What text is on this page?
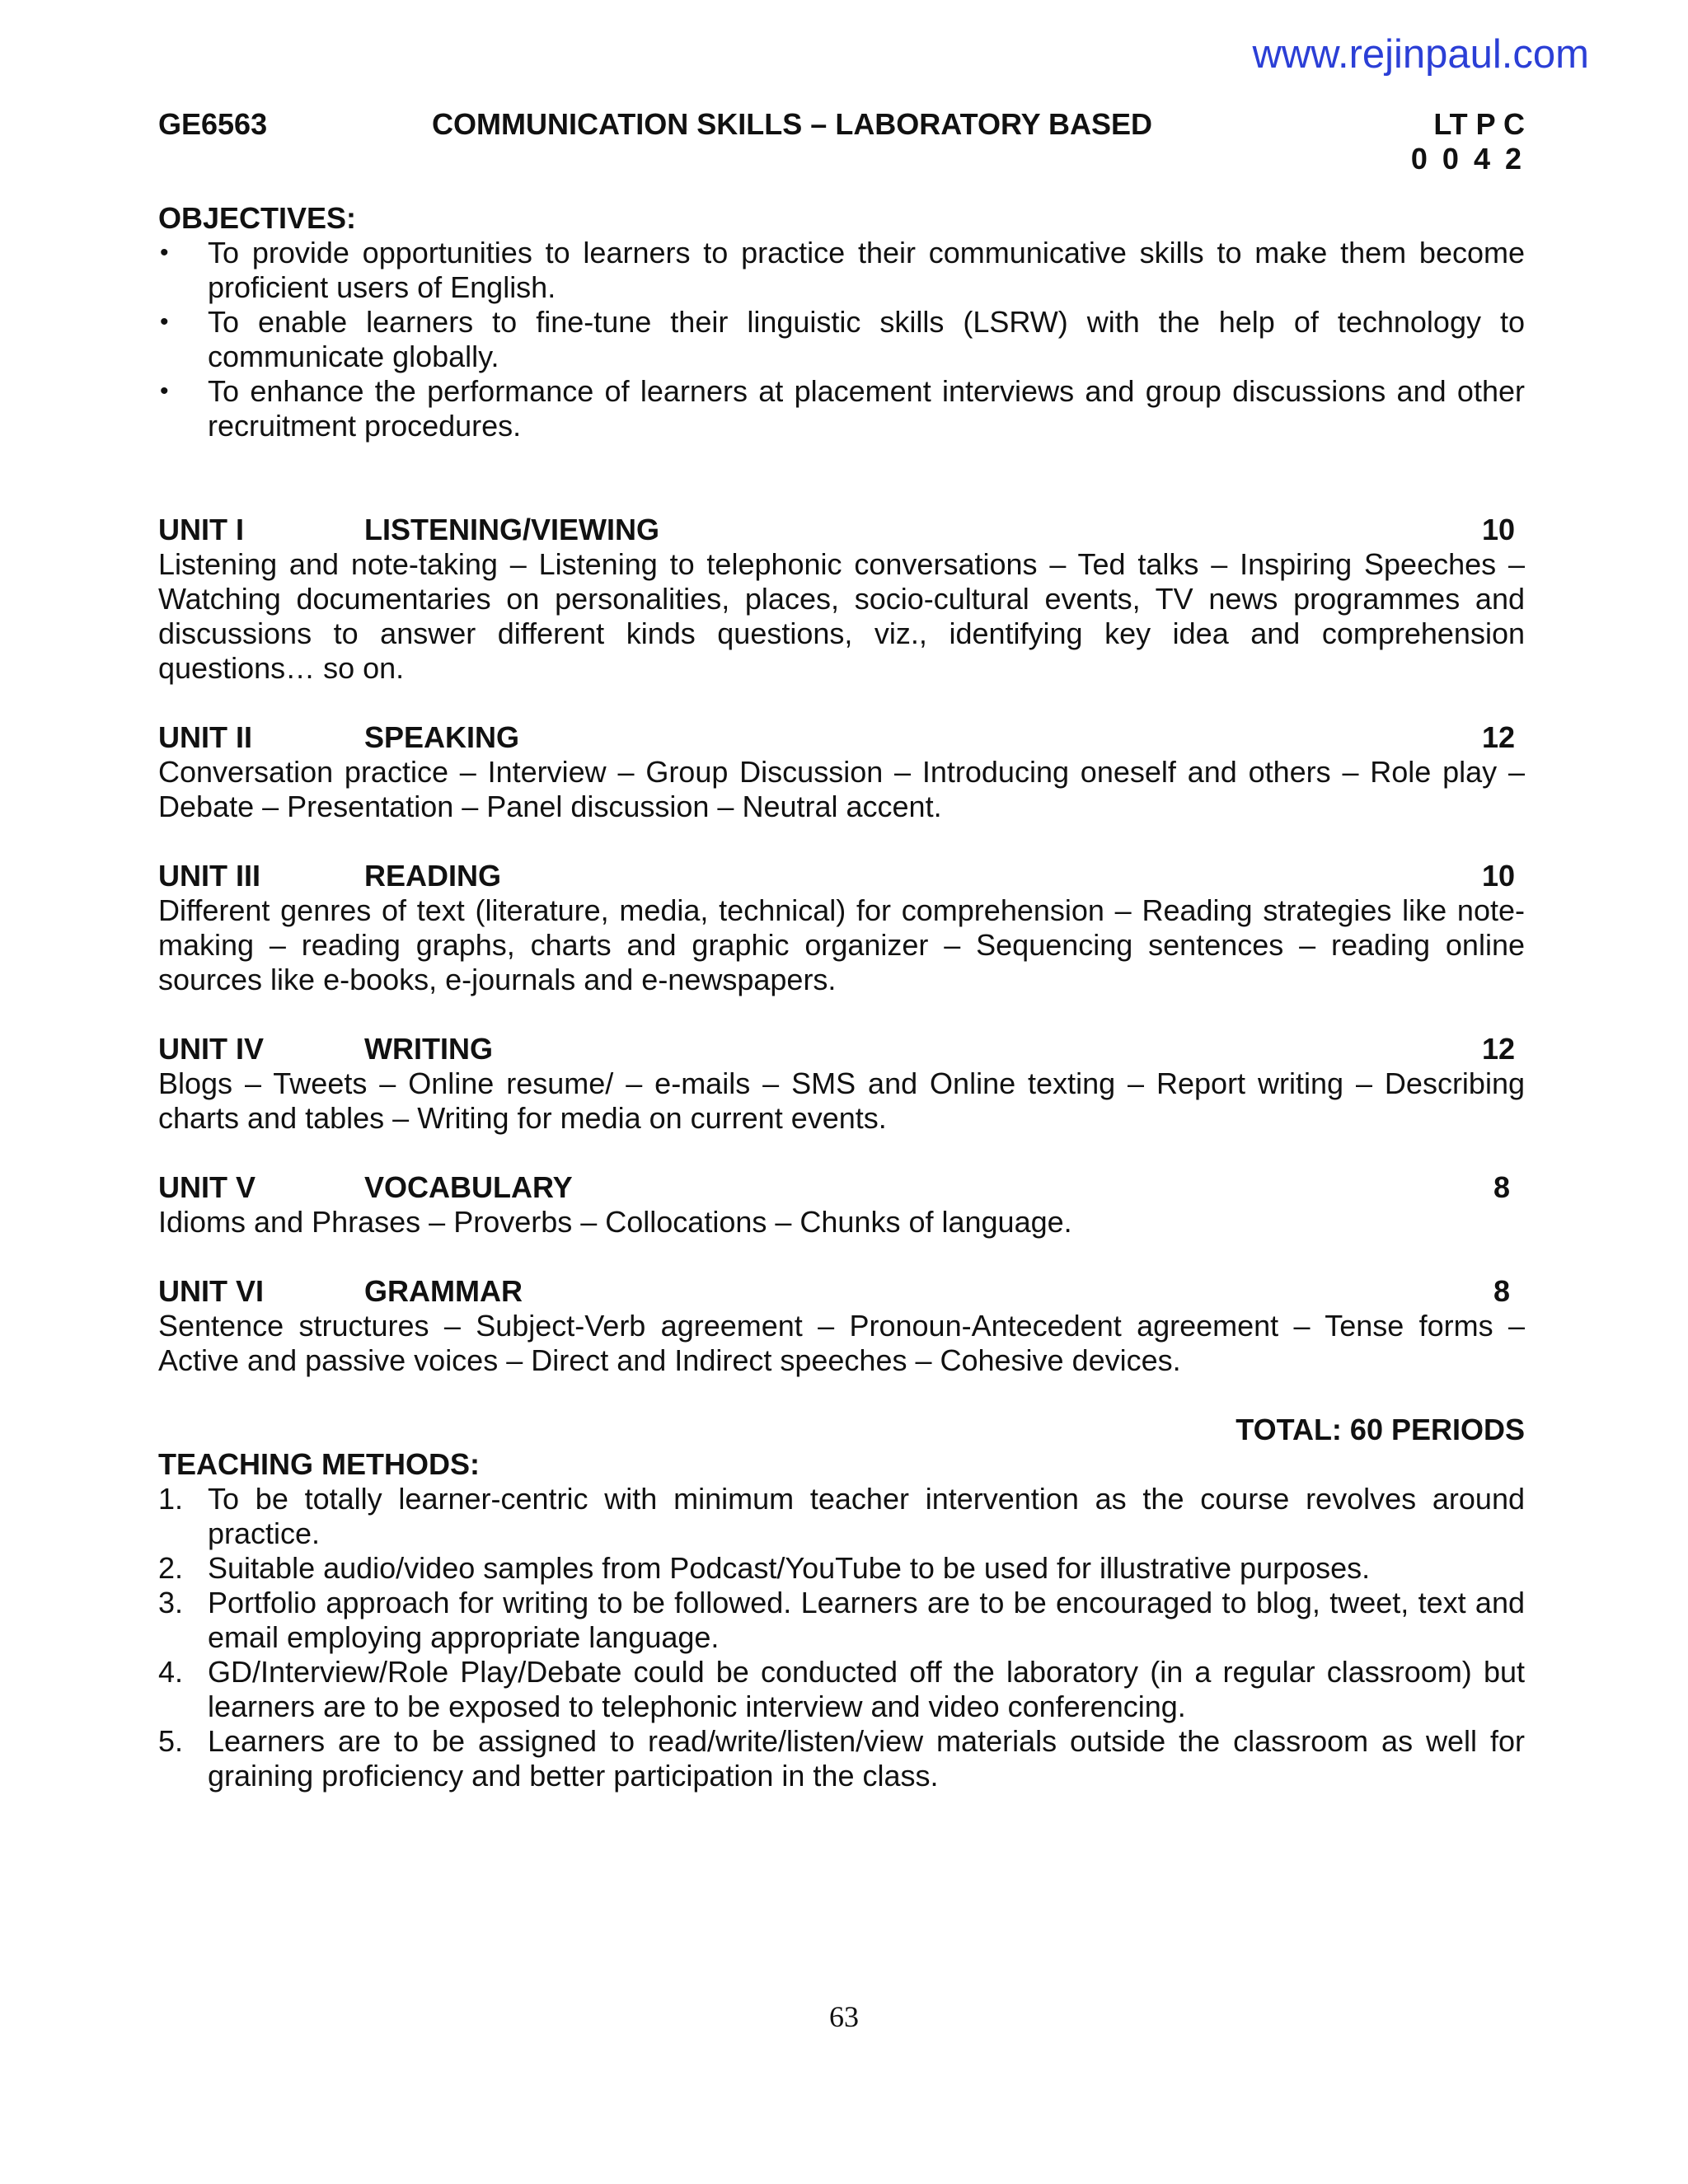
www.rejinpaul.com
GE6563	COMMUNICATION SKILLS – LABORATORY BASED	LT P C
0 0 4 2
OBJECTIVES:
• To provide opportunities to learners to practice their communicative skills to make them become proficient users of English.
• To enable learners to fine-tune their linguistic skills (LSRW) with the help of technology to communicate globally.
• To enhance the performance of learners at placement interviews and group discussions and other recruitment procedures.
UNIT I	LISTENING/VIEWING	10
Listening and note-taking – Listening to telephonic conversations – Ted talks – Inspiring Speeches – Watching documentaries on personalities, places, socio-cultural events, TV news programmes and discussions to answer different kinds questions, viz., identifying key idea and comprehension questions… so on.
UNIT II	SPEAKING	12
Conversation practice – Interview – Group Discussion – Introducing oneself and others – Role play – Debate – Presentation – Panel discussion – Neutral accent.
UNIT III	READING	10
Different genres of text (literature, media, technical) for comprehension – Reading strategies like note-making – reading graphs, charts and graphic organizer – Sequencing sentences – reading online sources like e-books, e-journals and e-newspapers.
UNIT IV	WRITING	12
Blogs – Tweets – Online resume/ – e-mails – SMS and Online texting – Report writing – Describing charts and tables – Writing for media on current events.
UNIT V	VOCABULARY	8
Idioms and Phrases – Proverbs – Collocations – Chunks of language.
UNIT VI	GRAMMAR	8
Sentence structures – Subject-Verb agreement – Pronoun-Antecedent agreement – Tense forms – Active and passive voices – Direct and Indirect speeches – Cohesive devices.
TOTAL: 60 PERIODS
TEACHING METHODS:
1. To be totally learner-centric with minimum teacher intervention as the course revolves around practice.
2. Suitable audio/video samples from Podcast/YouTube to be used for illustrative purposes.
3. Portfolio approach for writing to be followed. Learners are to be encouraged to blog, tweet, text and email employing appropriate language.
4. GD/Interview/Role Play/Debate could be conducted off the laboratory (in a regular classroom) but learners are to be exposed to telephonic interview and video conferencing.
5. Learners are to be assigned to read/write/listen/view materials outside the classroom as well for graining proficiency and better participation in the class.
63
